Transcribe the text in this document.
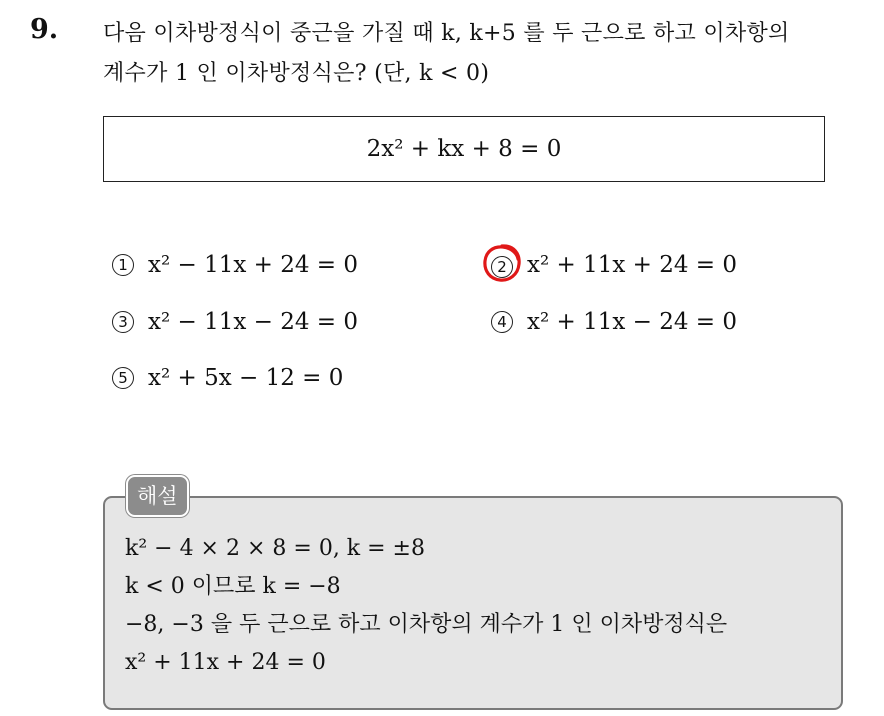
9. 다음 이차방정식이 중근을 가질 때 k, k+5 를 두 근으로 하고 이차항의
계수가 1 인 이차방정식은? (단, k < 0)
2x² + kx + 8 = 0
1 x² − 11x + 24 = 0	2 x² + 11x + 24 = 0
3 x² − 11x − 24 = 0	4 x² + 11x − 24 = 0
5 x² + 5x − 12 = 0
해설
k² − 4 × 2 × 8 = 0, k = ±8
k < 0 이므로 k = −8
−8, −3 을 두 근으로 하고 이차항의 계수가 1 인 이차방정식은
x² + 11x + 24 = 0
